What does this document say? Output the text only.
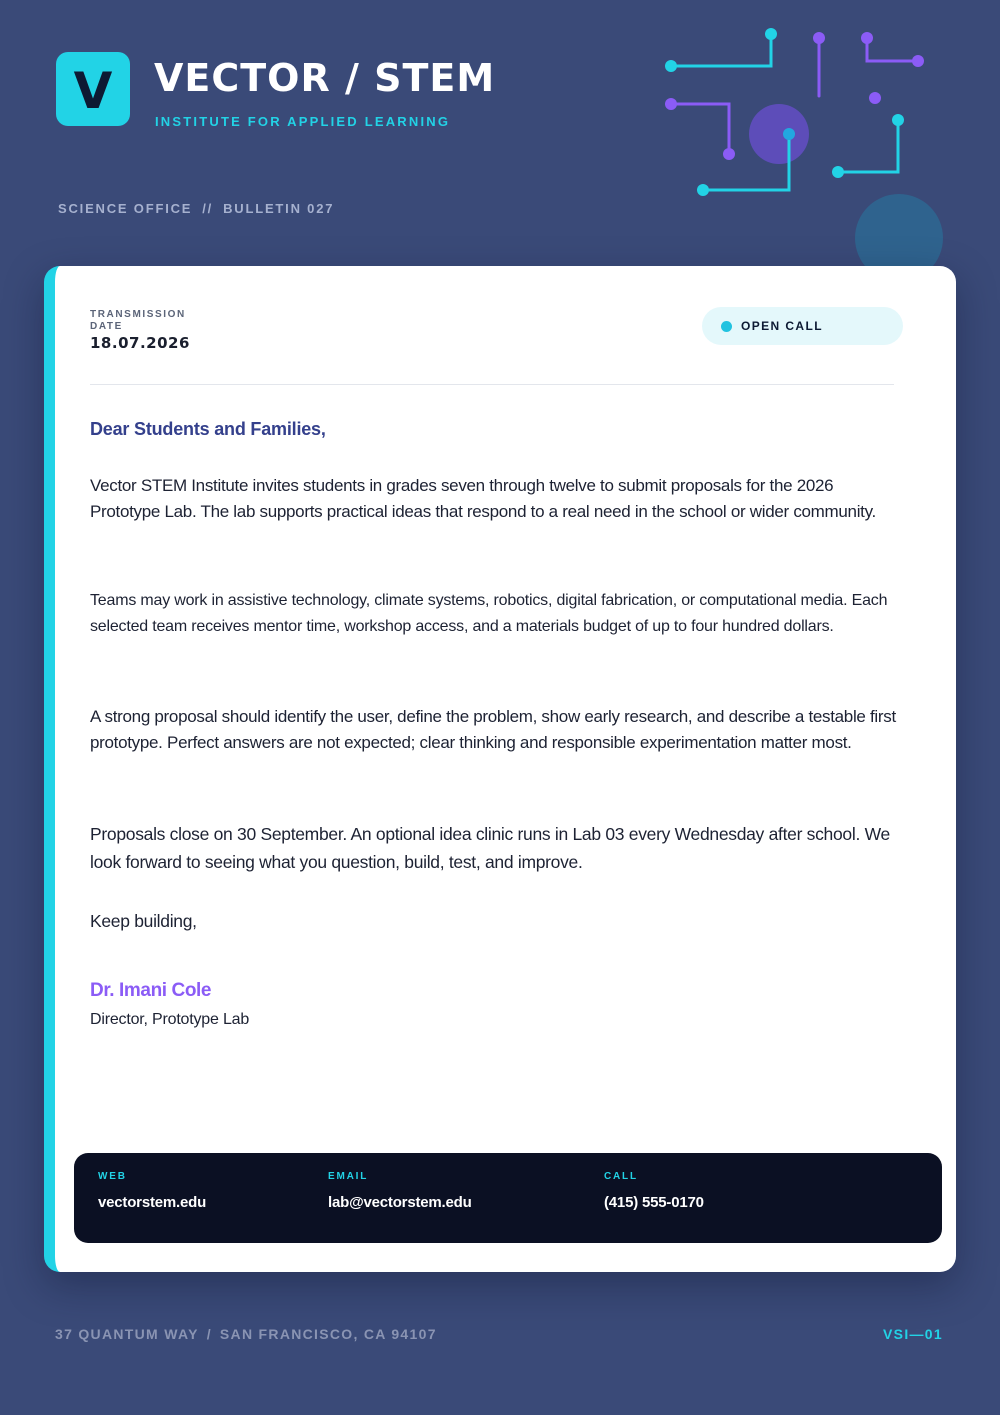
V VECTOR / STEM
INSTITUTE FOR APPLIED LEARNING
SCIENCE OFFICE // BULLETIN 027
TRANSMISSION DATE
18.07.2026
OPEN CALL
Dear Students and Families,
Vector STEM Institute invites students in grades seven through twelve to submit proposals for the 2026 Prototype Lab. The lab supports practical ideas that respond to a real need in the school or wider community.
Teams may work in assistive technology, climate systems, robotics, digital fabrication, or computational media. Each selected team receives mentor time, workshop access, and a materials budget of up to four hundred dollars.
A strong proposal should identify the user, define the problem, show early research, and describe a testable first prototype. Perfect answers are not expected; clear thinking and responsible experimentation matter most.
Proposals close on 30 September. An optional idea clinic runs in Lab 03 every Wednesday after school. We look forward to seeing what you question, build, test, and improve.
Keep building,
Dr. Imani Cole
Director, Prototype Lab
WEB
vectorstem.edu
EMAIL
lab@vectorstem.edu
CALL
(415) 555-0170
37 QUANTUM WAY / SAN FRANCISCO, CA 94107	VSI—01
